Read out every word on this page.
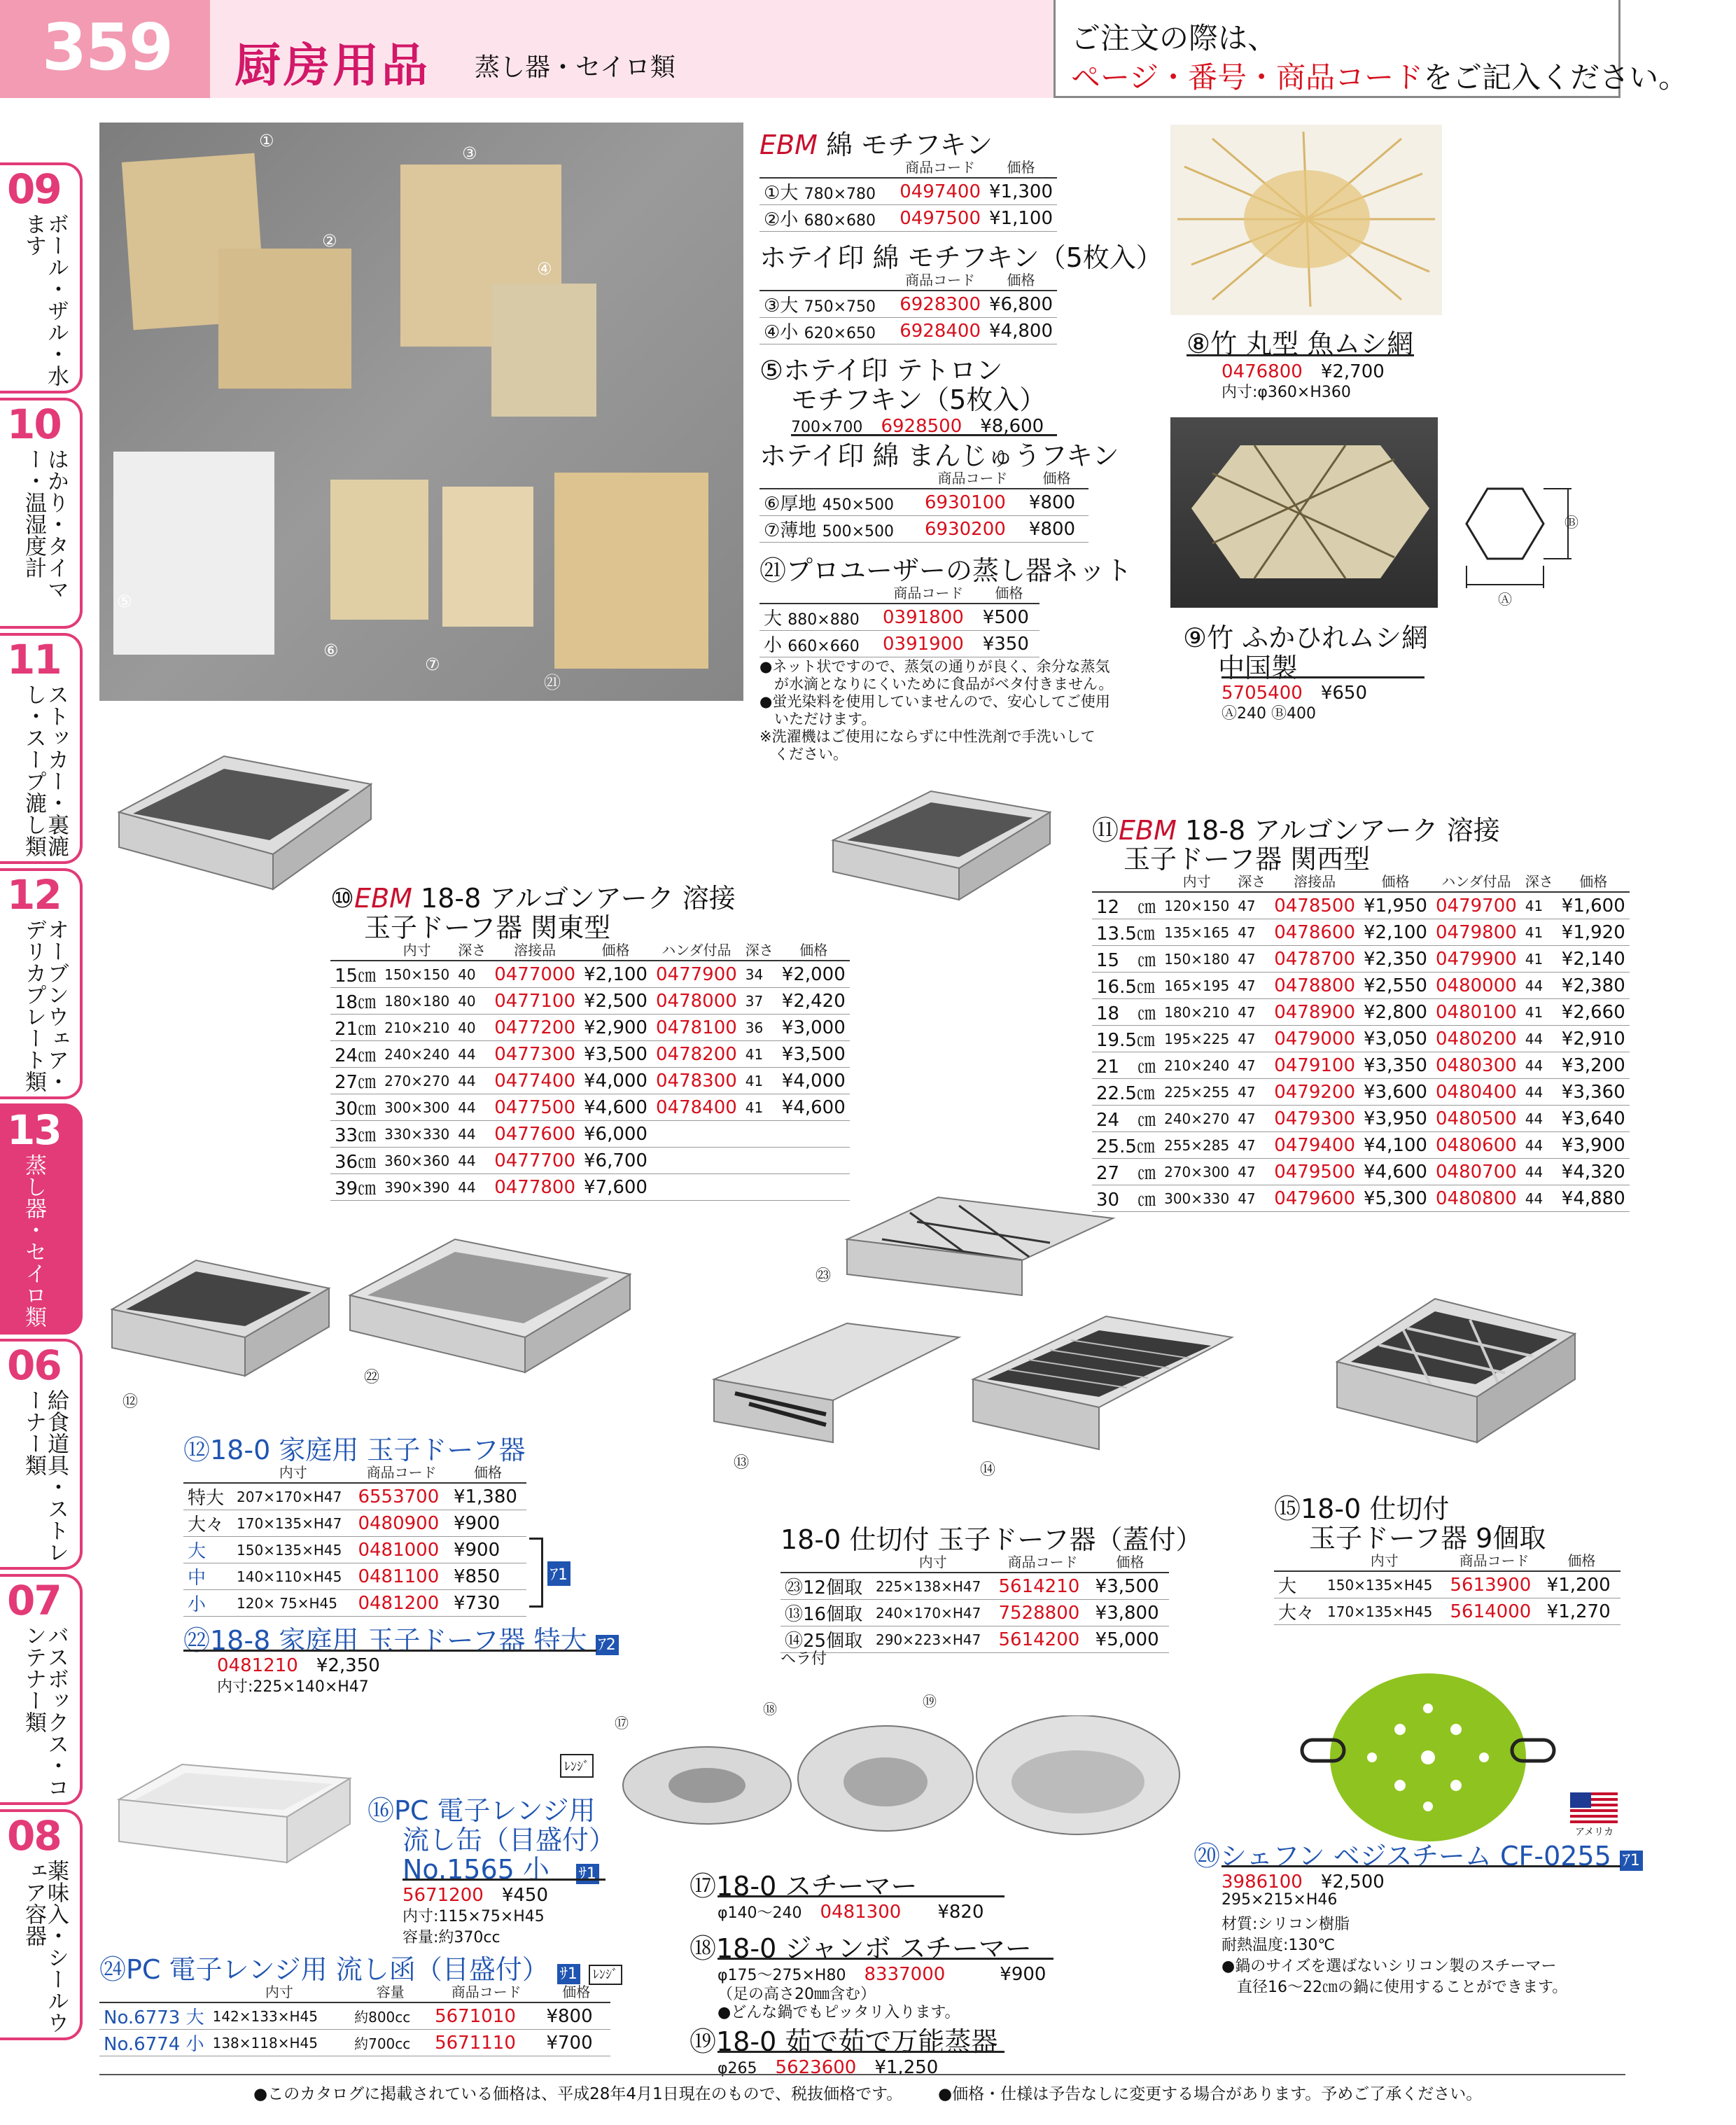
359	厨房用品 蒸し器・セイロ類
ご注文の際は、
ページ・番号・商品コードをご記入ください。
09
ボール・ザル・水ます
10
はかり・タイマー・温湿度計
11
ストッカー・裏漉し・スープ漉し類
12
オーブンウェア・デリカプレート類
13
蒸し器・セイロ類
06
給食道具・ストレーナー類
07
バスボックス・コンテナー類
08
薬味入・シールウェア容器
①
②
③
④
⑤
⑥
⑦
㉑
EBM 綿 モチフキン
	商品コード	価格
①大 780×780	0497400	¥1,300
②小 680×680	0497500	¥1,100
ホテイ印 綿 モチフキン（5枚入）
	商品コード	価格
③大 750×750	6928300	¥6,800
④小 620×650	6928400	¥4,800
⑤ホテイ印 テトロン
モチフキン（5枚入）
700×700　 6928500　 ¥8,600
ホテイ印 綿 まんじゅうフキン
	商品コード	価格
⑥厚地 450×500	6930100	¥800
⑦薄地 500×500	6930200	¥800
㉑プロユーザーの蒸し器ネット
	商品コード	価格
大 880×880	0391800	¥500
小 660×660	0391900	¥350
●ネット状ですので、蒸気の通りが良く、余分な蒸気
　が水滴となりにくいために食品がベタ付きません。
●蛍光染料を使用していませんので、安心してご使用
　いただけます。
※洗濯機はご使用にならずに中性洗剤で手洗いして
　ください。
⑧竹 丸型 魚ムシ網
0476800　 ¥2,700
内寸:φ360×H360
Ⓑ
Ⓐ
⑨竹 ふかひれムシ網
中国製
5705400　 ¥650
Ⓐ240 Ⓑ400
⑩EBM 18-8 アルゴンアーク 溶接
玉子ドーフ器 関東型
	内寸	深さ	溶接品	価格	ハンダ付品	深さ	価格
15㎝	150×150	40	0477000	¥2,100	0477900	34	¥2,000
18㎝	180×180	40	0477100	¥2,500	0478000	37	¥2,420
21㎝	210×210	40	0477200	¥2,900	0478100	36	¥3,000
24㎝	240×240	44	0477300	¥3,500	0478200	41	¥3,500
27㎝	270×270	44	0477400	¥4,000	0478300	41	¥4,000
30㎝	300×300	44	0477500	¥4,600	0478400	41	¥4,600
33㎝	330×330	44	0477600	¥6,000			
36㎝	360×360	44	0477700	¥6,700			
39㎝	390×390	44	0477800	¥7,600			
⑪EBM 18-8 アルゴンアーク 溶接
玉子ドーフ器 関西型
	内寸	深さ	溶接品	価格	ハンダ付品	深さ	価格
12　㎝	120×150	47	0478500	¥1,950	0479700	41	¥1,600
13.5㎝	135×165	47	0478600	¥2,100	0479800	41	¥1,920
15　㎝	150×180	47	0478700	¥2,350	0479900	41	¥2,140
16.5㎝	165×195	47	0478800	¥2,550	0480000	44	¥2,380
18　㎝	180×210	47	0478900	¥2,800	0480100	41	¥2,660
19.5㎝	195×225	47	0479000	¥3,050	0480200	44	¥2,910
21　㎝	210×240	47	0479100	¥3,350	0480300	44	¥3,200
22.5㎝	225×255	47	0479200	¥3,600	0480400	44	¥3,360
24　㎝	240×270	47	0479300	¥3,950	0480500	44	¥3,640
25.5㎝	255×285	47	0479400	¥4,100	0480600	44	¥3,900
27　㎝	270×300	47	0479500	¥4,600	0480700	44	¥4,320
30　㎝	300×330	47	0479600	¥5,300	0480800	44	¥4,880
⑫
㉒
⑫18-0 家庭用 玉子ドーフ器
	内寸	商品コード	価格
特大	207×170×H47	6553700	¥1,380
大々	170×135×H47	0480900	¥900
大	150×135×H45	0481000	¥900
中	140×110×H45	0481100	¥850
小	120× 75×H45	0481200	¥730
ｱ1
㉒18-8 家庭用 玉子ドーフ器 特大 ｱ2
0481210　 ¥2,350
内寸:225×140×H47
㉓
⑬	⑭
18-0 仕切付 玉子ドーフ器（蓋付）
	内寸	商品コード	価格
㉓12個取	225×138×H47	5614210	¥3,500
⑬16個取	240×170×H47	7528800	¥3,800
⑭25個取	290×223×H47	5614200	¥5,000
ヘラ付
⑮18-0 仕切付
玉子ドーフ器 9個取
	内寸	商品コード	価格
大	150×135×H45	5613900	¥1,200
大々	170×135×H45	5614000	¥1,270
ﾚﾝｼﾞ
⑯PC 電子レンジ用
流し缶（目盛付）
No.1565 小　 ｻ1
5671200　 ¥450
内寸:115×75×H45
容量:約370cc
㉔PC 電子レンジ用 流し函（目盛付） ｻ1 ﾚﾝｼﾞ
	内寸	容量	商品コード	価格
No.6773 大	142×133×H45	約800cc	5671010	¥800
No.6774 小	138×118×H45	約700cc	5671110	¥700
⑰
⑱	⑲
⑰18-0 スチーマー
φ140～240　 0481300　　 ¥820
⑱18-0 ジャンボ スチーマー
φ175～275×H80　 8337000　　　	¥900
（足の高さ20㎜含む）
●どんな鍋でもピッタリ入ります。
⑲18-0 茹で茹で万能蒸器
φ265　 5623600　 ¥1,250
アメリカ
⑳シェフン ベジスチーム CF-0255 ｱ1
3986100　 ¥2,500
295×215×H46
材質:シリコン樹脂
耐熱温度:130℃
●鍋のサイズを選ばないシリコン製のスチーマー
　直径16～22㎝の鍋に使用することができます。
●このカタログに掲載されている価格は、平成28年4月1日現在のもので、税抜価格です。 ●価格・仕様は予告なしに変更する場合があります。予めご了承ください。
